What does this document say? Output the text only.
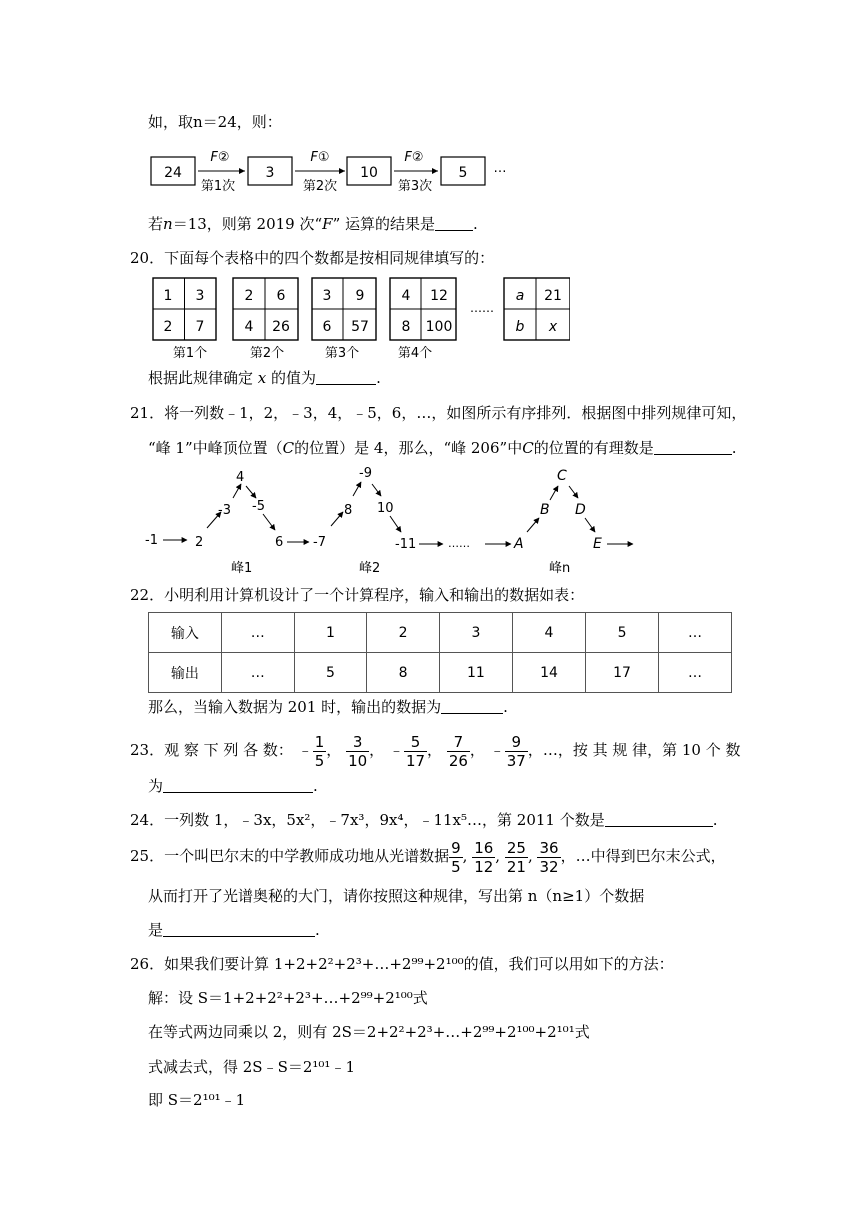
如，取n＝24，则：
24
F②
第1次
3
F①
第2次
10
F②
第3次
5 …
若n＝13，则第 2019 次“F” 运算的结果是	.
20．下面每个表格中的四个数都是按相同规律填写的：
1 3
2 7
第1个
2 6
4 26
第2个
3 9
6 57
第3个
4 12
8 100
第4个
……
a 21
b x
根据此规律确定 x 的值为	.
21．将一列数﹣1，2，﹣3，4，﹣5，6，…，如图所示有序排列．根据图中排列规律可知，
“峰 1”中峰顶位置（C的位置）是 4，那么，“峰 206”中C的位置的有理数是	.
-1	2
-3
4
-5
6 -7
8
-9
10
-11	……	A
B
C
D
E
峰1	峰2	峰n
22．小明利用计算机设计了一个计算程序，输入和输出的数据如表：
输入	…	1	2	3	4	5	…
输出	…	5	8	11	14	17	…
那么，当输入数据为 201 时，输出的数据为	.
23．观 察 下 列 各 数： ﹣ $\frac{1}{5}$ ， $\frac{3}{10}$ ， ﹣ $\frac{5}{17}$ ， $\frac{7}{26}$ ， ﹣ $\frac{9}{37}$ ，…，按 其 规 律，第 10 个 数
为	.
24．一列数 1，﹣3x，5x²，﹣7x³，9x⁴，﹣11x⁵…，第 2011 个数是	.
25．一个叫巴尔末的中学教师成功地从光谱数据 $\frac{9}{5}$ , $\frac{16}{12}$ , $\frac{25}{21}$ , $\frac{36}{32}$ ，…中得到巴尔末公式，
从而打开了光谱奥秘的大门，请你按照这种规律，写出第 n（n≥1）个数据
是	.
26．如果我们要计算 1+2+2²+2³+…+2⁹⁹+2¹⁰⁰的值，我们可以用如下的方法：
解：设 S＝1+2+2²+2³+…+2⁹⁹+2¹⁰⁰式
在等式两边同乘以 2，则有 2S＝2+2²+2³+…+2⁹⁹+2¹⁰⁰+2¹⁰¹式
式减去式，得 2S﹣S＝2¹⁰¹﹣1
即 S＝2¹⁰¹﹣1
